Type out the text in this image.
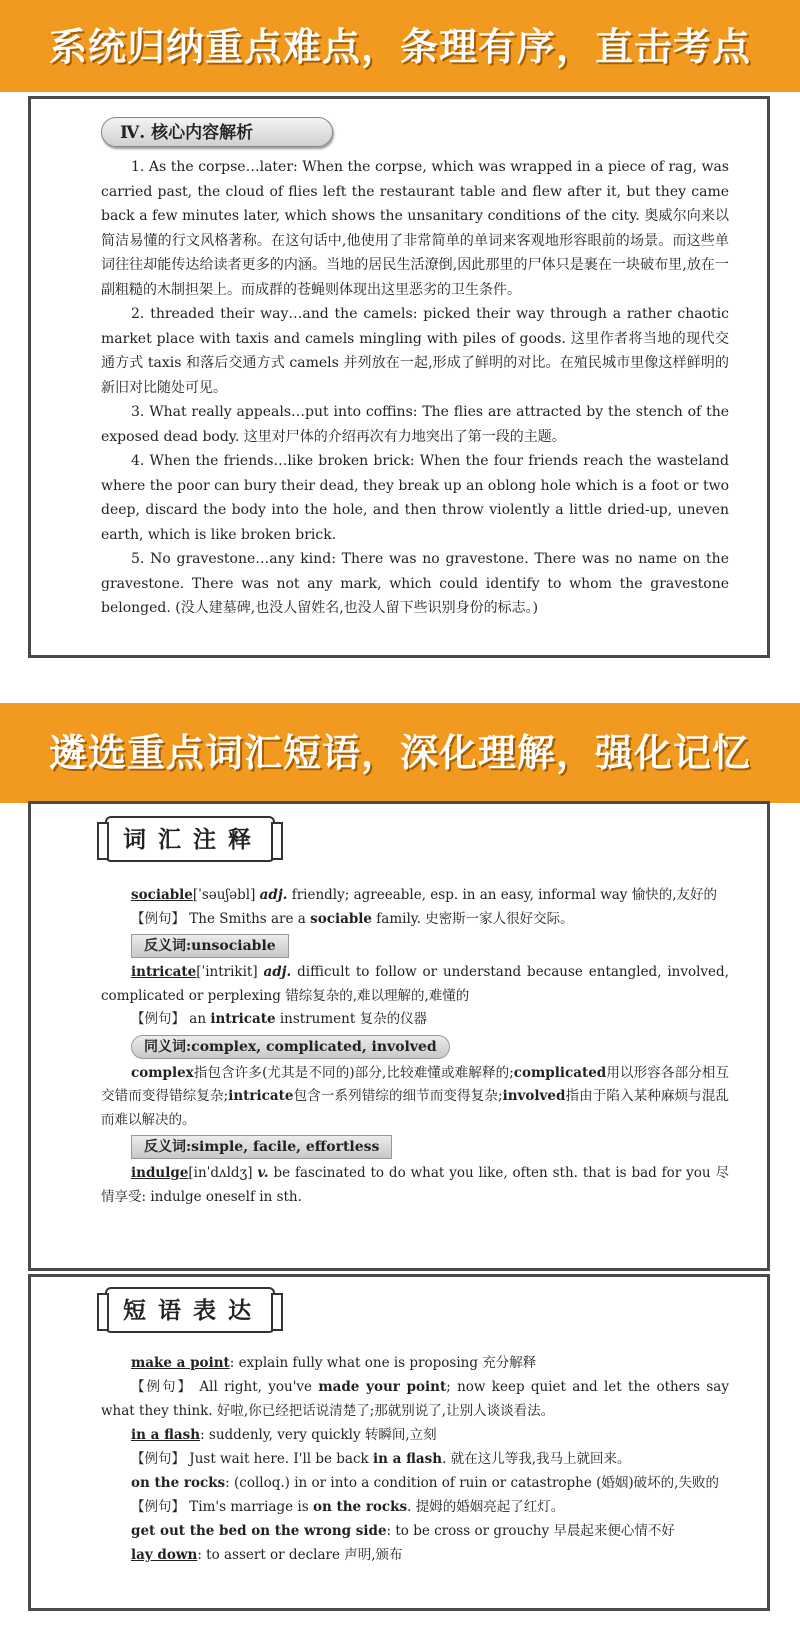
系统归纳重点难点，条理有序，直击考点
Ⅳ. 核心内容解析

1. As the corpse…later: When the corpse, which was wrapped in a piece of rag, was carried past, the cloud of flies left the restaurant table and flew after it, but they came back a few minutes later, which shows the unsanitary conditions of the city. 奥威尔向来以简洁易懂的行文风格著称。在这句话中,他使用了非常简单的单词来客观地形容眼前的场景。而这些单词往往却能传达给读者更多的内涵。当地的居民生活潦倒,因此那里的尸体只是裹在一块破布里,放在一副粗糙的木制担架上。而成群的苍蝇则体现出这里恶劣的卫生条件。

2. threaded their way…and the camels: picked their way through a rather chaotic market place with taxis and camels mingling with piles of goods. 这里作者将当地的现代交通方式 taxis 和落后交通方式 camels 并列放在一起,形成了鲜明的对比。在殖民城市里像这样鲜明的新旧对比随处可见。

3. What really appeals…put into coffins: The flies are attracted by the stench of the exposed dead body. 这里对尸体的介绍再次有力地突出了第一段的主题。

4. When the friends…like broken brick: When the four friends reach the wasteland where the poor can bury their dead, they break up an oblong hole which is a foot or two deep, discard the body into the hole, and then throw violently a little dried-up, uneven earth, which is like broken brick.

5. No gravestone…any kind: There was no gravestone. There was no name on the gravestone. There was not any mark, which could identify to whom the gravestone belonged. (没人建墓碑,也没人留姓名,也没人留下些识别身份的标志。)

遴选重点词汇短语，深化理解，强化记忆
词汇注释

sociable[ˈsəuʃəbl] adj. friendly; agreeable, esp. in an easy, informal way 愉快的,友好的

【例句】 The Smiths are a sociable family. 史密斯一家人很好交际。

反义词:unsociable

intricate[ˈintrikit] adj. difficult to follow or understand because entangled, involved, complicated or perplexing 错综复杂的,难以理解的,难懂的

【例句】 an intricate instrument 复杂的仪器

同义词:complex, complicated, involved

complex指包含许多(尤其是不同的)部分,比较难懂或难解释的;complicated用以形容各部分相互交错而变得错综复杂;intricate包含一系列错综的细节而变得复杂;involved指由于陷入某种麻烦与混乱而难以解决的。

反义词:simple, facile, effortless

indulge[inˈdʌldʒ] v. be fascinated to do what you like, often sth. that is bad for you 尽情享受: indulge oneself in sth.

短语表达

make a point: explain fully what one is proposing 充分解释

【例句】 All right, you've made your point; now keep quiet and let the others say what they think. 好啦,你已经把话说清楚了;那就别说了,让别人谈谈看法。

in a flash: suddenly, very quickly 转瞬间,立刻

【例句】 Just wait here. I'll be back in a flash. 就在这儿等我,我马上就回来。

on the rocks: (colloq.) in or into a condition of ruin or catastrophe (婚姻)破坏的,失败的

【例句】 Tim's marriage is on the rocks. 提姆的婚姻亮起了红灯。

get out the bed on the wrong side: to be cross or grouchy 早晨起来便心情不好

lay down: to assert or declare 声明,颁布
